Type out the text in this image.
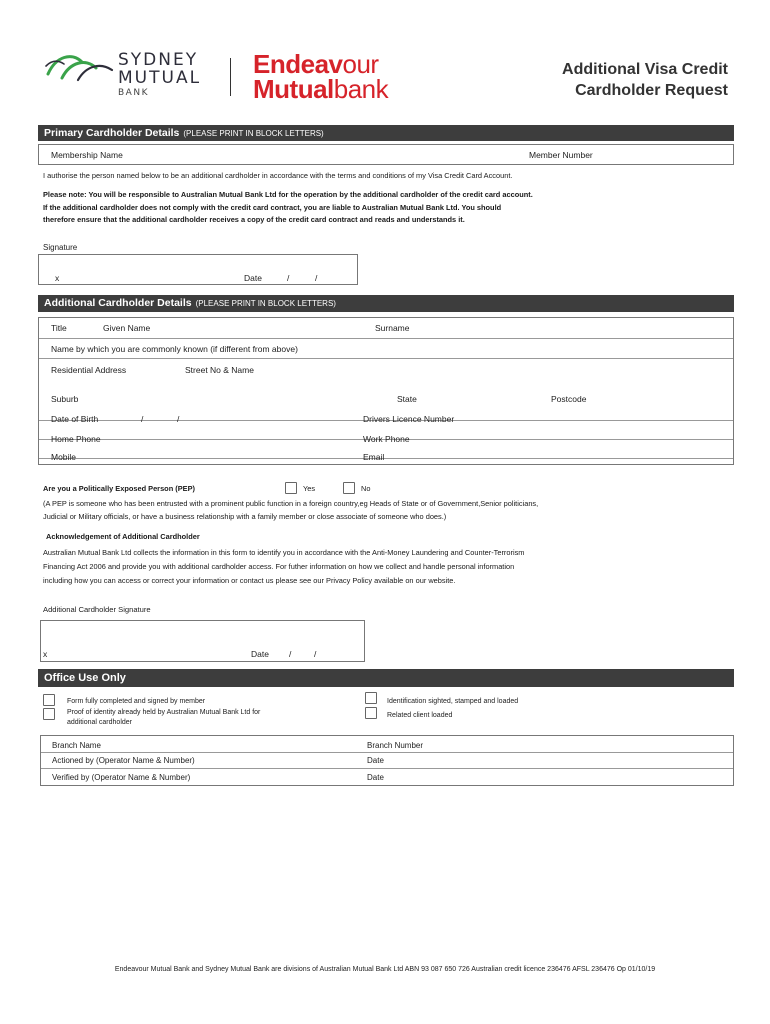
SYDNEY
MUTUAL
BANK
Endeavour
Mutualbank
Additional Visa Credit
Cardholder Request
Primary Cardholder Details (PLEASE PRINT IN BLOCK LETTERS)
Membership Name	Member Number
I authorise the person named below to be an additional cardholder in accordance with the terms and conditions of my Visa Credit Card Account.
Please note: You will be responsible to Australian Mutual Bank Ltd for the operation by the additional cardholder of the credit card account.
If the additional cardholder does not comply with the credit card contract, you are liable to Australian Mutual Bank Ltd. You should
therefore ensure that the additional cardholder receives a copy of the credit card contract and reads and understands it.
Signature
x	Date	/	/
Additional Cardholder Details (PLEASE PRINT IN BLOCK LETTERS)
Title	Given Name	Surname
Name by which you are commonly known (if different from above)
Residential Address	Street No & Name
Suburb	State	Postcode
Date of Birth	/	/	Drivers Licence Number
Home Phone	Work Phone
Mobile	Email
Are you a Politically Exposed Person (PEP)	Yes	No
(A PEP is someone who has been entrusted with a prominent public function in a foreign country,eg Heads of State or of Government,Senior politicians,
Judicial or Military officials, or have a business relationship with a family member or close associate of someone who does.)
Acknowledgement of Additional Cardholder
Australian Mutual Bank Ltd collects the information in this form to identify you in accordance with the Anti-Money Laundering and Counter-Terrorism
Financing Act 2006 and provide you with additional cardholder access. For futher information on how we collect and handle personal information
including how you can access or correct your information or contact us please see our Privacy Policy available on our website.
Additional Cardholder Signature
x	Date /	/
Office Use Only
Form fully completed and signed by member
Proof of identity already held by Australian Mutual Bank Ltd for
additional cardholder
Identification sighted, stamped and loaded
Related client loaded
Branch Name	Branch Number
Actioned by (Operator Name & Number)	Date
Verified by (Operator Name & Number)	Date
Endeavour Mutual Bank and Sydney Mutual Bank are divisions of Australian Mutual Bank Ltd ABN 93 087 650 726 Australian credit licence 236476 AFSL 236476 Op 01/10/19
